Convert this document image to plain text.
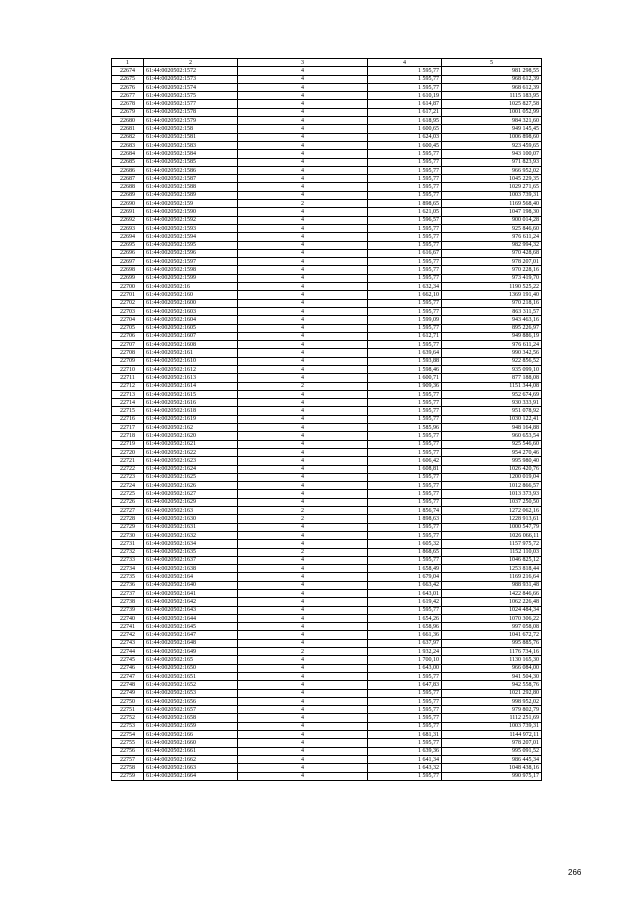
1	2	3	4	5
22674	61:44:0020502:1572	4	1 595,77	981 298,55
22675	61:44:0020502:1573	4	1 595,77	968 612,39
22676	61:44:0020502:1574	4	1 595,77	968 612,39
22677	61:44:0020502:1575	4	1 610,19	1115 183,95
22678	61:44:0020502:1577	4	1 614,87	1025 827,58
22679	61:44:0020502:1578	4	1 617,21	1001 052,99
22680	61:44:0020502:1579	4	1 618,95	984 321,60
22681	61:44:0020502:158	4	1 600,65	949 145,45
22682	61:44:0020502:1581	4	1 624,03	1006 898,60
22683	61:44:0020502:1583	4	1 600,45	923 459,65
22684	61:44:0020502:1584	4	1 595,77	943 100,07
22685	61:44:0020502:1585	4	1 595,77	971 823,93
22686	61:44:0020502:1586	4	1 595,77	966 952,02
22687	61:44:0020502:1587	4	1 595,77	1045 229,35
22688	61:44:0020502:1588	4	1 595,77	1029 271,65
22689	61:44:0020502:1589	4	1 595,77	1003 739,31
22690	61:44:0020502:159	2	1 898,65	1169 568,40
22691	61:44:0020502:1590	4	1 621,05	1047 198,30
22692	61:44:0020502:1592	4	1 596,57	900 014,28
22693	61:44:0020502:1593	4	1 595,77	925 846,60
22694	61:44:0020502:1594	4	1 595,77	976 611,24
22695	61:44:0020502:1595	4	1 595,77	982 994,32
22696	61:44:0020502:1596	4	1 616,67	970 428,68
22697	61:44:0020502:1597	4	1 595,77	978 207,01
22698	61:44:0020502:1598	4	1 595,77	970 228,16
22699	61:44:0020502:1599	4	1 595,77	973 419,70
22700	61:44:0020502:16	4	1 632,34	1190 525,22
22701	61:44:0020502:160	4	1 662,10	1369 191,40
22702	61:44:0020502:1600	4	1 595,77	970 218,16
22703	61:44:0020502:1603	4	1 595,77	863 311,57
22704	61:44:0020502:1604	4	1 599,09	943 463,16
22705	61:44:0020502:1605	4	1 595,77	895 226,97
22706	61:44:0020502:1607	4	1 612,71	949 886,19
22707	61:44:0020502:1608	4	1 595,77	976 611,24
22708	61:44:0020502:161	4	1 639,64	990 342,56
22709	61:44:0020502:1610	4	1 593,88	922 856,52
22710	61:44:0020502:1612	4	1 598,46	935 099,10
22711	61:44:0020502:1613	4	1 600,71	877 188,08
22712	61:44:0020502:1614	2	1 909,36	1151 344,08
22713	61:44:0020502:1615	4	1 595,77	952 674,69
22714	61:44:0020502:1616	4	1 595,77	930 333,91
22715	61:44:0020502:1618	4	1 595,77	951 078,92
22716	61:44:0020502:1619	4	1 595,77	1030 122,41
22717	61:44:0020502:162	4	1 585,96	948 164,88
22718	61:44:0020502:1620	4	1 595,77	960 653,54
22719	61:44:0020502:1621	4	1 595,77	925 546,60
22720	61:44:0020502:1622	4	1 595,77	954 270,46
22721	61:44:0020502:1623	4	1 606,42	995 980,40
22722	61:44:0020502:1624	4	1 608,81	1026 420,76
22723	61:44:0020502:1625	4	1 595,77	1200 019,04
22724	61:44:0020502:1626	4	1 595,77	1012 866,57
22725	61:44:0020502:1627	4	1 595,77	1013 373,93
22726	61:44:0020502:1629	4	1 595,77	1037 250,50
22727	61:44:0020502:163	2	1 856,74	1272 062,16
22728	61:44:0020502:1630	2	1 898,63	1228 913,61
22729	61:44:0020502:1631	4	1 595,77	1000 547,79
22730	61:44:0020502:1632	4	1 595,77	1026 066,11
22731	61:44:0020502:1634	4	1 605,32	1157 975,72
22732	61:44:0020502:1635	2	1 868,65	1152 110,03
22733	61:44:0020502:1637	4	1 595,77	1046 825,12
22734	61:44:0020502:1638	4	1 658,49	1253 818,44
22735	61:44:0020502:164	4	1 679,04	1169 216,64
22736	61:44:0020502:1640	4	1 663,42	988 931,48
22737	61:44:0020502:1641	4	1 643,01	1422 846,66
22738	61:44:0020502:1642	4	1 619,42	1062 226,48
22739	61:44:0020502:1643	4	1 595,77	1024 484,34
22740	61:44:0020502:1644	4	1 654,26	1070 306,22
22741	61:44:0020502:1645	4	1 658,96	997 058,08
22742	61:44:0020502:1647	4	1 661,36	1041 672,72
22743	61:44:0020502:1648	4	1 637,97	995 885,76
22744	61:44:0020502:1649	2	1 932,24	1176 734,16
22745	61:44:0020502:165	4	1 700,10	1130 165,30
22746	61:44:0020502:1650	4	1 643,00	966 084,00
22747	61:44:0020502:1651	4	1 595,77	941 504,30
22748	61:44:0020502:1652	4	1 647,83	942 558,76
22749	61:44:0020502:1653	4	1 595,77	1021 292,80
22750	61:44:0020502:1656	4	1 595,77	998 952,02
22751	61:44:0020502:1657	4	1 595,77	979 802,79
22752	61:44:0020502:1658	4	1 595,77	1112 251,69
22753	61:44:0020502:1659	4	1 595,77	1003 739,31
22754	61:44:0020502:166	4	1 681,31	1144 972,11
22755	61:44:0020502:1660	4	1 595,77	978 207,01
22756	61:44:0020502:1661	4	1 639,36	995 091,52
22757	61:44:0020502:1662	4	1 641,34	986 445,34
22758	61:44:0020502:1663	4	1 643,32	1048 438,16
22759	61:44:0020502:1664	4	1 595,77	990 975,17
266
